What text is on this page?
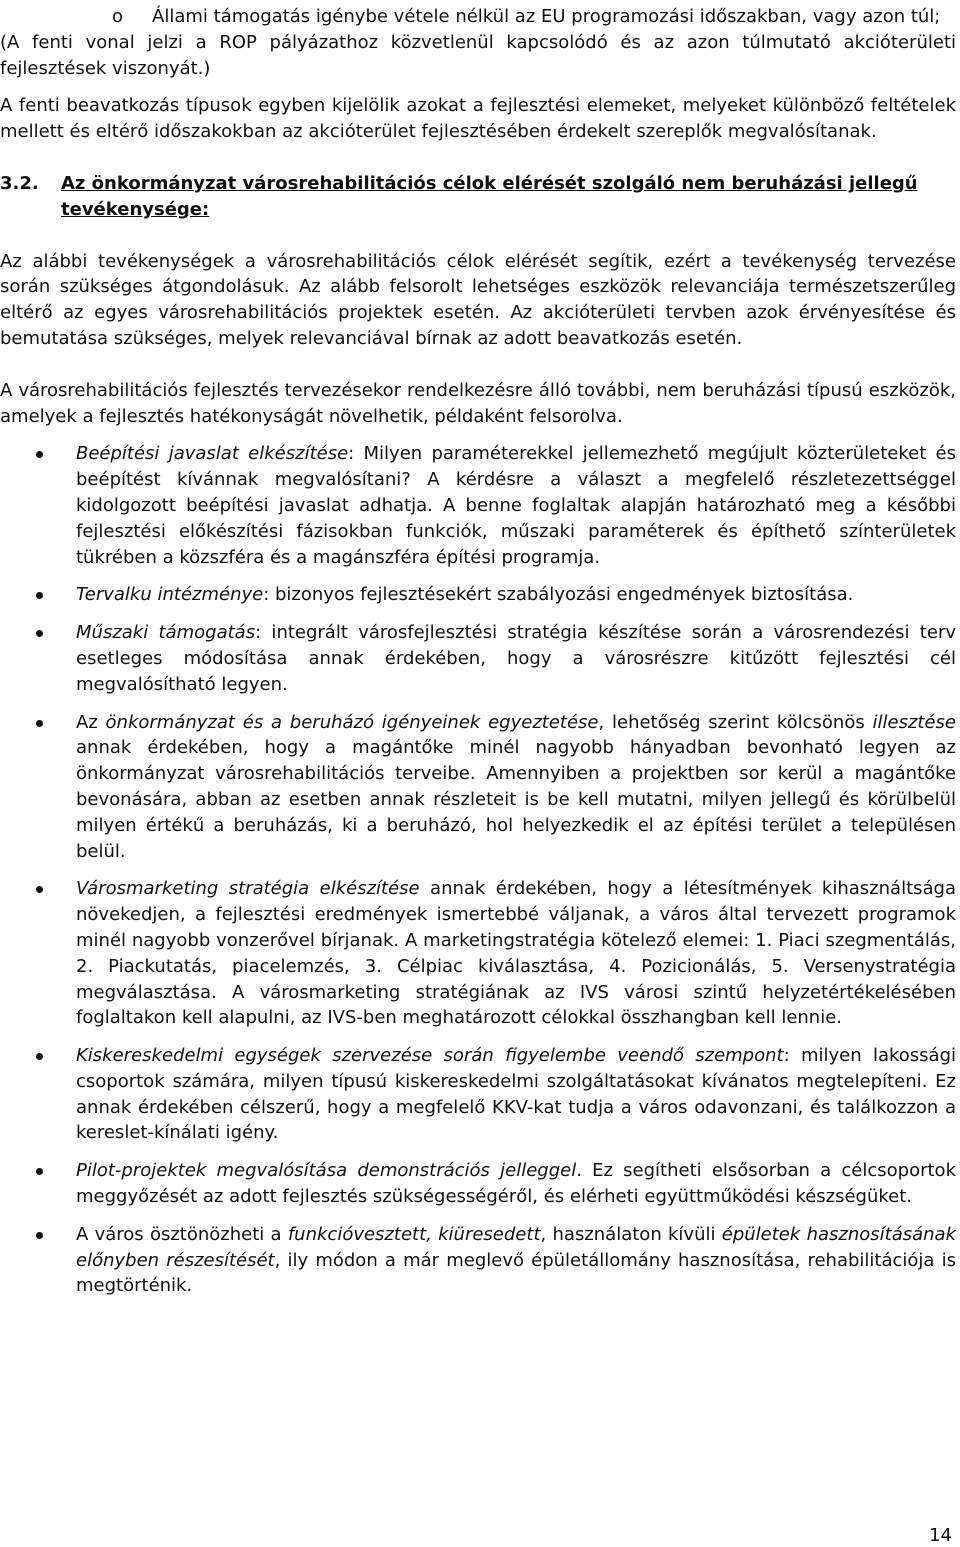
o Állami támogatás igénybe vétele nélkül az EU programozási időszakban, vagy azon túl;

(A fenti vonal jelzi a ROP pályázathoz közvetlenül kapcsolódó és az azon túlmutató akcióterületi fejlesztések viszonyát.)

A fenti beavatkozás típusok egyben kijelölik azokat a fejlesztési elemeket, melyeket különböző feltételek mellett és eltérő időszakokban az akcióterület fejlesztésében érdekelt szereplők megvalósítanak.

3.2.	Az önkormányzat városrehabilitációs célok elérését szolgáló nem beruházási jellegű tevékenysége:

Az alábbi tevékenységek a városrehabilitációs célok elérését segítik, ezért a tevékenység tervezése során szükséges átgondolásuk. Az alább felsorolt lehetséges eszközök relevanciája természetszerűleg eltérő az egyes városrehabilitációs projektek esetén. Az akcióterületi tervben azok érvényesítése és bemutatása szükséges, melyek relevanciával bírnak az adott beavatkozás esetén.

A városrehabilitációs fejlesztés tervezésekor rendelkezésre álló további, nem beruházási típusú eszközök, amelyek a fejlesztés hatékonyságát növelhetik, példaként felsorolva.

Beépítési javaslat elkészítése: Milyen paraméterekkel jellemezhető megújult közterületeket és beépítést kívánnak megvalósítani? A kérdésre a választ a megfelelő részletezettséggel kidolgozott beépítési javaslat adhatja. A benne foglaltak alapján határozható meg a későbbi fejlesztési előkészítési fázisokban funkciók, műszaki paraméterek és építhető színterületek tükrében a közszféra és a magánszféra építési programja.

Tervalku intézménye: bizonyos fejlesztésekért szabályozási engedmények biztosítása.

Műszaki támogatás: integrált városfejlesztési stratégia készítése során a városrendezési terv esetleges módosítása annak érdekében, hogy a városrészre kitűzött fejlesztési cél megvalósítható legyen.

Az önkormányzat és a beruházó igényeinek egyeztetése, lehetőség szerint kölcsönös illesztése annak érdekében, hogy a magántőke minél nagyobb hányadban bevonható legyen az önkormányzat városrehabilitációs terveibe. Amennyiben a projektben sor kerül a magántőke bevonására, abban az esetben annak részleteit is be kell mutatni, milyen jellegű és körülbelül milyen értékű a beruházás, ki a beruházó, hol helyezkedik el az építési terület a településen belül.

Városmarketing stratégia elkészítése annak érdekében, hogy a létesítmények kihasználtsága növekedjen, a fejlesztési eredmények ismertebbé váljanak, a város által tervezett programok minél nagyobb vonzerővel bírjanak. A marketingstratégia kötelező elemei: 1. Piaci szegmentálás, 2. Piackutatás, piacelemzés, 3. Célpiac kiválasztása, 4. Pozicionálás, 5. Versenystratégia megválasztása. A városmarketing stratégiának az IVS városi szintű helyzetértékelésében foglaltakon kell alapulni, az IVS-ben meghatározott célokkal összhangban kell lennie.

Kiskereskedelmi egységek szervezése során figyelembe veendő szempont: milyen lakossági csoportok számára, milyen típusú kiskereskedelmi szolgáltatásokat kívánatos megtelepíteni. Ez annak érdekében célszerű, hogy a megfelelő KKV-kat tudja a város odavonzani, és találkozzon a kereslet-kínálati igény.

Pilot-projektek megvalósítása demonstrációs jelleggel. Ez segítheti elsősorban a célcsoportok meggyőzését az adott fejlesztés szükségességéről, és elérheti együttműködési készségüket.

A város ösztönözheti a funkcióvesztett, kiüresedett, használaton kívüli épületek hasznosításának előnyben részesítését, ily módon a már meglevő épületállomány hasznosítása, rehabilitációja is megtörténik.

14
